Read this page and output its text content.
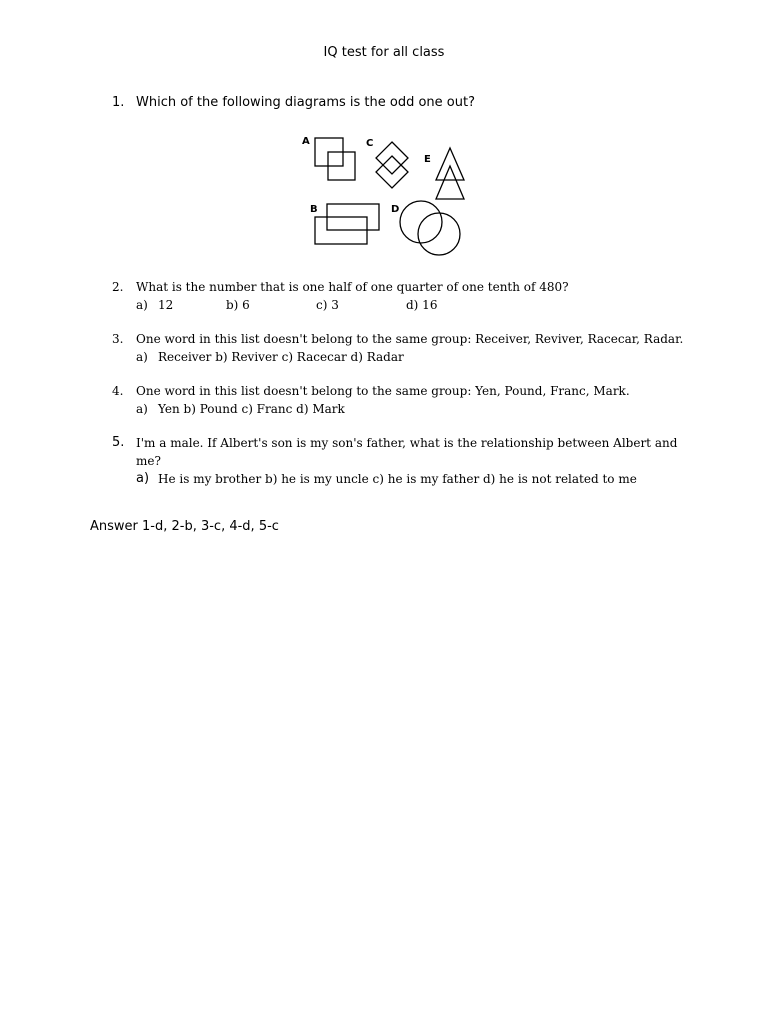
IQ test for all class
1. Which of the following diagrams is the odd one out?
A	C
E
B	D
2.	What is the number that is one half of one quarter of one tenth of 480?
a) 12	b) 6	c) 3	d) 16
3.	One word in this list doesn't belong to the same group: Receiver, Reviver, Racecar, Radar.
a) Receiver b) Reviver c) Racecar d) Radar
4.	One word in this list doesn't belong to the same group: Yen, Pound, Franc, Mark.
a) Yen b) Pound c) Franc d) Mark
5. I'm a male. If Albert's son is my son's father, what is the relationship between Albert and
me?
a) He is my brother b) he is my uncle c) he is my father d) he is not related to me
Answer 1-d, 2-b, 3-c, 4-d, 5-c
